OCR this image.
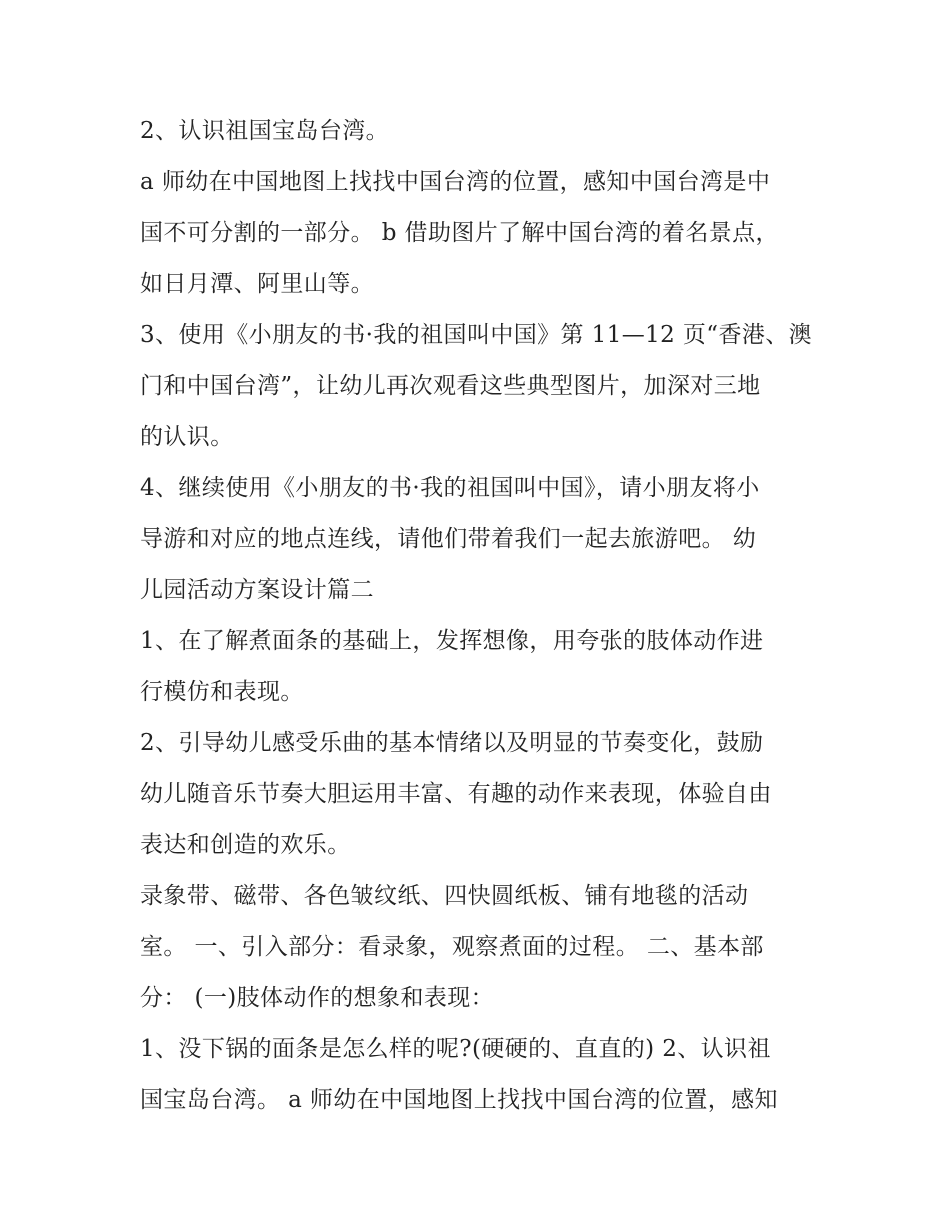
2、认识祖国宝岛台湾。
a 师幼在中国地图上找找中国台湾的位置，感知中国台湾是中
国不可分割的一部分。 b 借助图片了解中国台湾的着名景点，
如日月潭、阿里山等。
3、使用《小朋友的书·我的祖国叫中国》第 11—12 页“香港、澳
门和中国台湾”，让幼儿再次观看这些典型图片，加深对三地
的认识。
4、继续使用《小朋友的书·我的祖国叫中国》，请小朋友将小
导游和对应的地点连线，请他们带着我们一起去旅游吧。 幼
儿园活动方案设计篇二
1、在了解煮面条的基础上，发挥想像，用夸张的肢体动作进
行模仿和表现。
2、引导幼儿感受乐曲的基本情绪以及明显的节奏变化，鼓励
幼儿随音乐节奏大胆运用丰富、有趣的动作来表现，体验自由
表达和创造的欢乐。
录象带、磁带、各色皱纹纸、四快圆纸板、铺有地毯的活动
室。 一、引入部分：看录象，观察煮面的过程。 二、基本部
分： (一)肢体动作的想象和表现：
1、没下锅的面条是怎么样的呢?(硬硬的、直直的) 2、认识祖
国宝岛台湾。 a 师幼在中国地图上找找中国台湾的位置，感知
